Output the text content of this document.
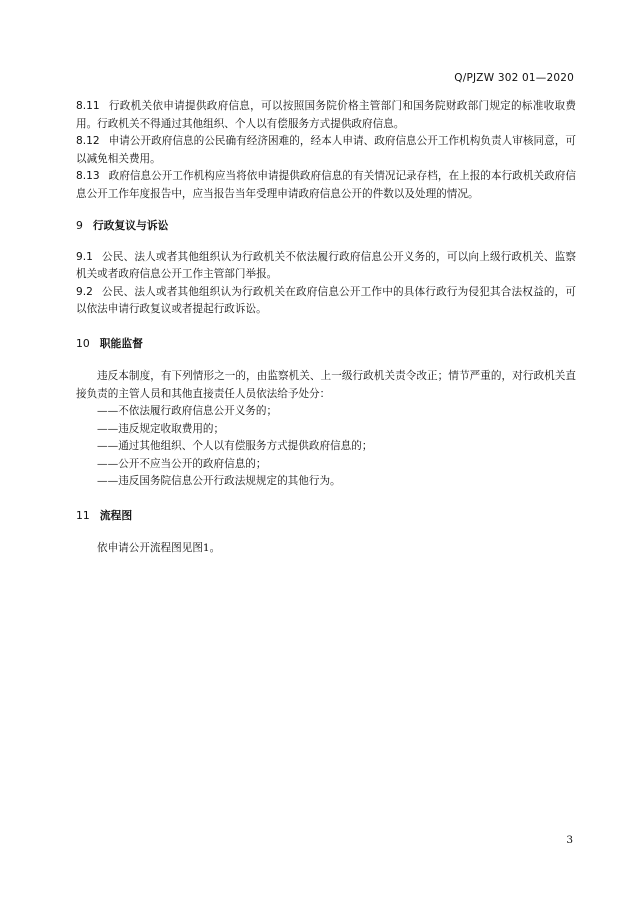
Q/PJZW 302 01—2020

8.11 行政机关依申请提供政府信息，可以按照国务院价格主管部门和国务院财政部门规定的标准收取费用。行政机关不得通过其他组织、个人以有偿服务方式提供政府信息。

8.12 申请公开政府信息的公民确有经济困难的，经本人申请、政府信息公开工作机构负责人审核同意，可以减免相关费用。

8.13 政府信息公开工作机构应当将依申请提供政府信息的有关情况记录存档，在上报的本行政机关政府信息公开工作年度报告中，应当报告当年受理申请政府信息公开的件数以及处理的情况。

9 行政复议与诉讼

9.1 公民、法人或者其他组织认为行政机关不依法履行政府信息公开义务的，可以向上级行政机关、监察机关或者政府信息公开工作主管部门举报。

9.2 公民、法人或者其他组织认为行政机关在政府信息公开工作中的具体行政行为侵犯其合法权益的，可以依法申请行政复议或者提起行政诉讼。

10 职能监督

违反本制度，有下列情形之一的，由监察机关、上一级行政机关责令改正；情节严重的，对行政机关直接负责的主管人员和其他直接责任人员依法给予处分：

——不依法履行政府信息公开义务的；

——违反规定收取费用的；

——通过其他组织、个人以有偿服务方式提供政府信息的；

——公开不应当公开的政府信息的；

——违反国务院信息公开行政法规规定的其他行为。

11 流程图

依申请公开流程图见图1。

3
